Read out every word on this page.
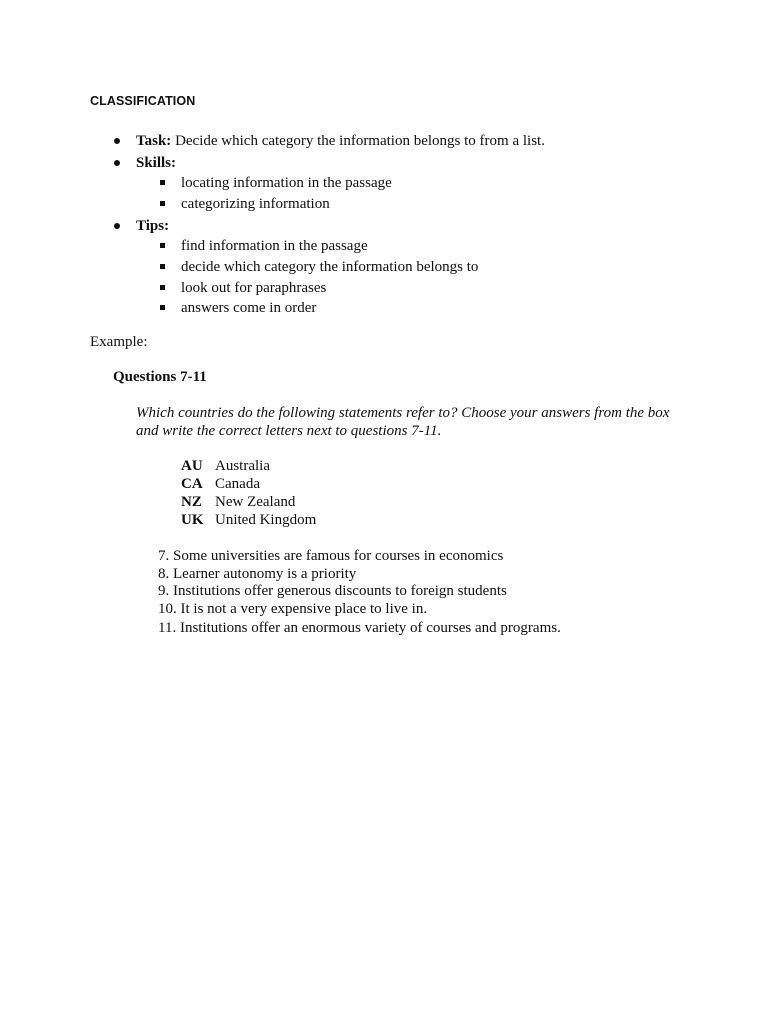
CLASSIFICATION
Task: Decide which category the information belongs to from a list.
Skills:
locating information in the passage
categorizing information
Tips:
find information in the passage
decide which category the information belongs to
look out for paraphrases
answers come in order
Example:
Questions 7-11
Which countries do the following statements refer to? Choose your answers from the box
and write the correct letters next to questions 7-11.
AU Australia
CA Canada
NZ New Zealand
UK United Kingdom
7. Some universities are famous for courses in economics
8. Learner autonomy is a priority
9. Institutions offer generous discounts to foreign students
10. It is not a very expensive place to live in.
11. Institutions offer an enormous variety of courses and programs.
